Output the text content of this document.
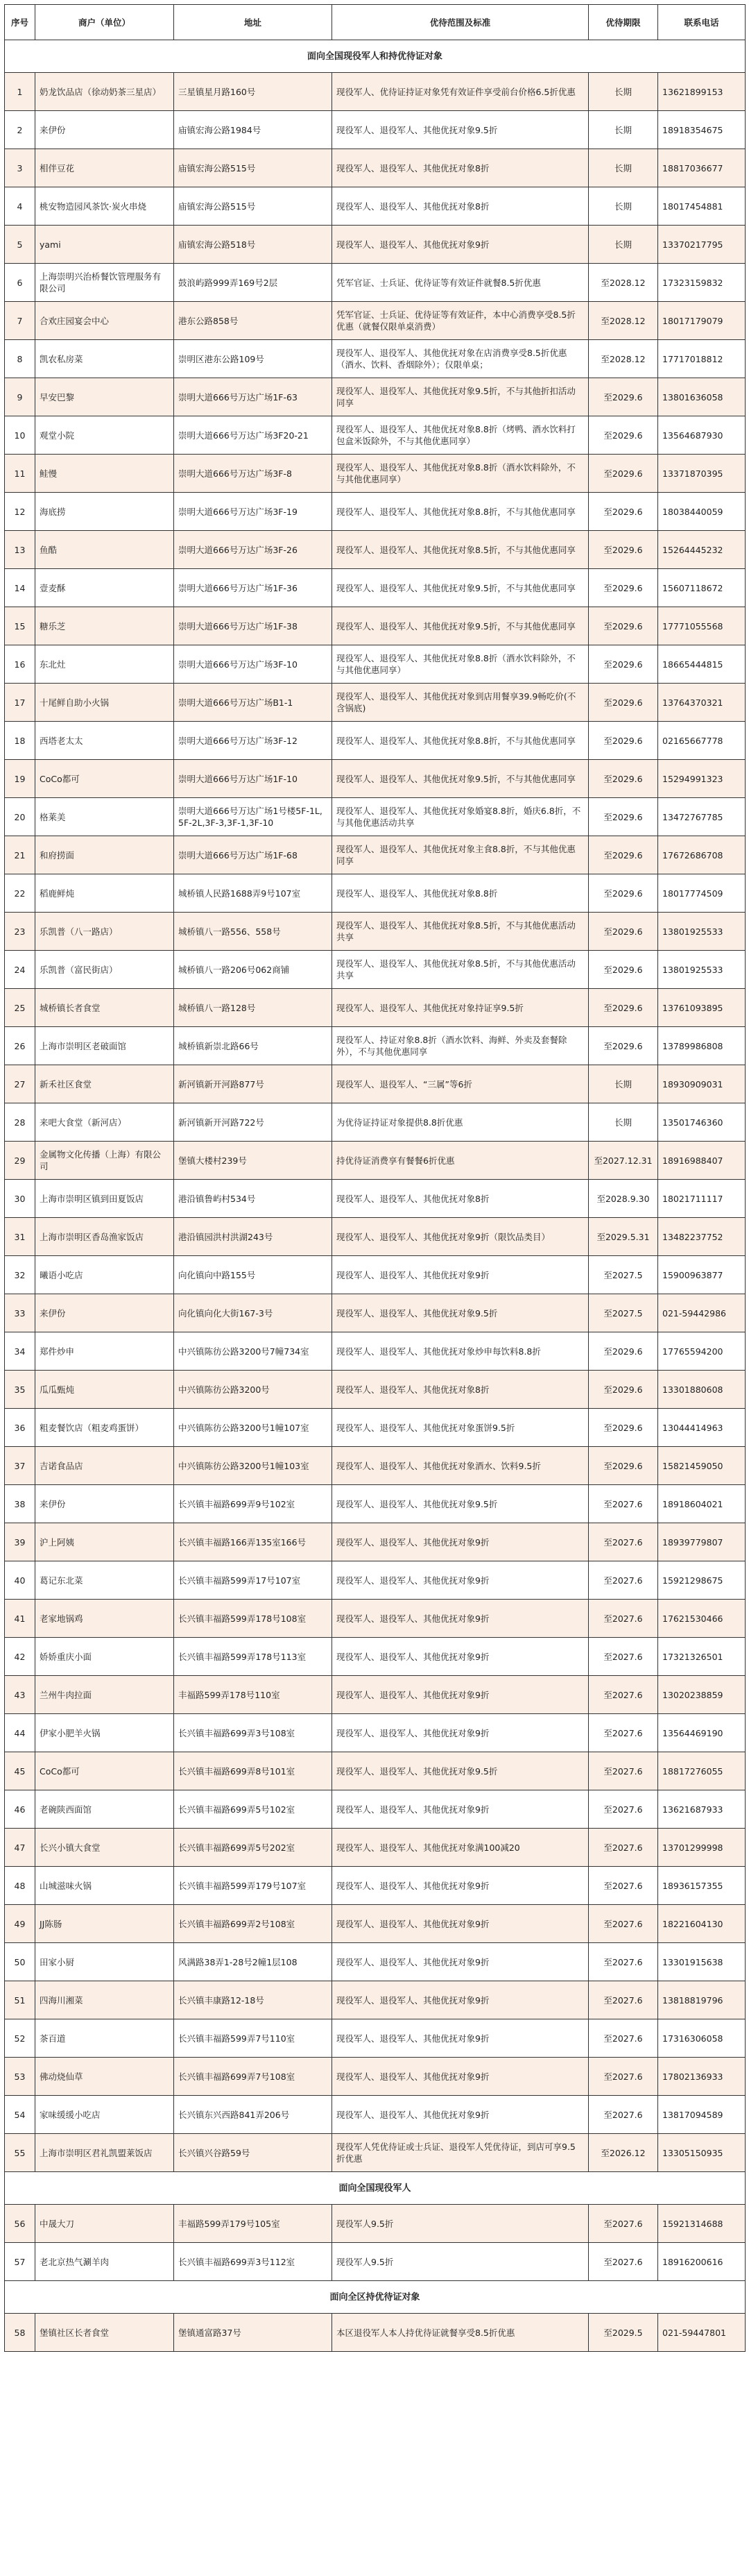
序号	商户（单位）	地址	优待范围及标准	优待期限	联系电话
面向全国现役军人和持优待证对象					
1	奶龙饮品店（徐动奶茶三星店）	三星镇星月路160号	现役军人、优待证持证对象凭有效证件享受前台价格6.5折优惠	长期	13621899153
2	来伊份	庙镇宏海公路1984号	现役军人、退役军人、其他优抚对象9.5折	长期	18918354675
3	相伴豆花	庙镇宏海公路515号	现役军人、退役军人、其他优抚对象8折	长期	18817036677
4	桃安物造园风茶饮·炭火串烧	庙镇宏海公路515号	现役军人、退役军人、其他优抚对象8折	长期	18017454881
5	yami	庙镇宏海公路518号	现役军人、退役军人、其他优抚对象9折	长期	13370217795
6	上海崇明兴治桥餐饮管理服务有限公司	鼓浪屿路999弄169号2层	凭军官证、士兵证、优待证等有效证件就餐8.5折优惠	至2028.12	17323159832
7	合欢庄园宴会中心	港东公路858号	凭军官证、士兵证、优待证等有效证件，本中心消费享受8.5折优惠（就餐仅限单桌消费）	至2028.12	18017179079
8	凯农私房菜	崇明区港东公路109号	现役军人、退役军人、其他优抚对象在店消费享受8.5折优惠（酒水、饮料、香烟除外）；仅限单桌；	至2028.12	17717018812
9	早安巴黎	崇明大道666号万达广场1F-63	现役军人、退役军人、其他优抚对象9.5折，不与其他折扣活动同享	至2029.6	13801636058
10	观堂小院	崇明大道666号万达广场3F20-21	现役军人、退役军人、其他优抚对象8.8折（烤鸭、酒水饮料打包盒米饭除外，不与其他优惠同享）	至2029.6	13564687930
11	鲑慢	崇明大道666号万达广场3F-8	现役军人、退役军人、其他优抚对象8.8折（酒水饮料除外，不与其他优惠同享）	至2029.6	13371870395
12	海底捞	崇明大道666号万达广场3F-19	现役军人、退役军人、其他优抚对象8.8折，不与其他优惠同享	至2029.6	18038440059
13	鱼酷	崇明大道666号万达广场3F-26	现役军人、退役军人、其他优抚对象8.5折，不与其他优惠同享	至2029.6	15264445232
14	壹麦酥	崇明大道666号万达广场1F-36	现役军人、退役军人、其他优抚对象9.5折，不与其他优惠同享	至2029.6	15607118672
15	糖乐芝	崇明大道666号万达广场1F-38	现役军人、退役军人、其他优抚对象9.5折，不与其他优惠同享	至2029.6	17771055568
16	东北灶	崇明大道666号万达广场3F-10	现役军人、退役军人、其他优抚对象8.8折（酒水饮料除外，不与其他优惠同享）	至2029.6	18665444815
17	十尾鲜自助小火锅	崇明大道666号万达广场B1-1	现役军人、退役军人、其他优抚对象到店用餐享39.9畅吃价(不含锅底)	至2029.6	13764370321
18	西塔老太太	崇明大道666号万达广场3F-12	现役军人、退役军人、其他优抚对象8.8折，不与其他优惠同享	至2029.6	02165667778
19	CoCo都可	崇明大道666号万达广场1F-10	现役军人、退役军人、其他优抚对象9.5折，不与其他优惠同享	至2029.6	15294991323
20	格莱美	崇明大道666号万达广场1号楼5F-1L,5F-2L,3F-3,3F-1,3F-10	现役军人、退役军人、其他优抚对象婚宴8.8折，婚庆6.8折，不与其他优惠活动共享	至2029.6	13472767785
21	和府捞面	崇明大道666号万达广场1F-68	现役军人、退役军人、其他优抚对象主食8.8折，不与其他优惠同享	至2029.6	17672686708
22	稻鹿鲜炖	城桥镇人民路1688弄9号107室	现役军人、退役军人、其他优抚对象8.8折	至2029.6	18017774509
23	乐凯普（八一路店）	城桥镇八一路556、558号	现役军人、退役军人、其他优抚对象8.5折，不与其他优惠活动共享	至2029.6	13801925533
24	乐凯普（富民街店）	城桥镇八一路206号062商铺	现役军人、退役军人、其他优抚对象8.5折，不与其他优惠活动共享	至2029.6	13801925533
25	城桥镇长者食堂	城桥镇八一路128号	现役军人、退役军人、其他优抚对象持证享9.5折	至2029.6	13761093895
26	上海市崇明区老破面馆	城桥镇新崇北路66号	现役军人、持证对象8.8折（酒水饮料、海鲜、外卖及套餐除外），不与其他优惠同享	至2029.6	13789986808
27	新禾社区食堂	新河镇新开河路877号	现役军人、退役军人、“三属”等6折	长期	18930909031
28	来吧大食堂（新河店）	新河镇新开河路722号	为优待证持证对象提供8.8折优惠	长期	13501746360
29	金属物文化传播（上海）有限公司	堡镇大楼村239号	持优待证消费享有餐餐6折优惠	至2027.12.31	18916988407
30	上海市崇明区镇到田夏饭店	港沿镇鲁屿村534号	现役军人、退役军人、其他优抚对象8折	至2028.9.30	18021711117
31	上海市崇明区香岛渔家饭店	港沿镇园洪村洪湖243号	现役军人、退役军人、其他优抚对象9折（限饮品类目）	至2029.5.31	13482237752
32	曦语小吃店	向化镇向中路155号	现役军人、退役军人、其他优抚对象9折	至2027.5	15900963877
33	来伊份	向化镇向化大街167-3号	现役军人、退役军人、其他优抚对象9.5折	至2027.5	021-59442986
34	郑件炒申	中兴镇陈彷公路3200号7幢734室	现役军人、退役军人、其他优抚对象炒申每饮料8.8折	至2029.6	17765594200
35	瓜瓜甄炖	中兴镇陈彷公路3200号	现役军人、退役军人、其他优抚对象8折	至2029.6	13301880608
36	粗麦餐饮店（粗麦鸡蛋饼）	中兴镇陈彷公路3200号1幢107室	现役军人、退役军人、其他优抚对象蛋饼9.5折	至2029.6	13044414963
37	吉诺食品店	中兴镇陈彷公路3200号1幢103室	现役军人、退役军人、其他优抚对象酒水、饮料9.5折	至2029.6	15821459050
38	来伊份	长兴镇丰福路699弄9号102室	现役军人、退役军人、其他优抚对象9.5折	至2027.6	18918604021
39	沪上阿姨	长兴镇丰福路166弄135室166号	现役军人、退役军人、其他优抚对象9折	至2027.6	18939779807
40	葛记东北菜	长兴镇丰福路599弄17号107室	现役军人、退役军人、其他优抚对象9折	至2027.6	15921298675
41	老家地锅鸡	长兴镇丰福路599弄178号108室	现役军人、退役军人、其他优抚对象9折	至2027.6	17621530466
42	娇娇重庆小面	长兴镇丰福路599弄178号113室	现役军人、退役军人、其他优抚对象9折	至2027.6	17321326501
43	兰州牛肉拉面	丰福路599弄178号110室	现役军人、退役军人、其他优抚对象9折	至2027.6	13020238859
44	伊家小肥羊火锅	长兴镇丰福路699弄3号108室	现役军人、退役军人、其他优抚对象9折	至2027.6	13564469190
45	CoCo都可	长兴镇丰福路699弄8号101室	现役军人、退役军人、其他优抚对象9.5折	至2027.6	18817276055
46	老碗陕西面馆	长兴镇丰福路699弄5号102室	现役军人、退役军人、其他优抚对象9折	至2027.6	13621687933
47	长兴小镇大食堂	长兴镇丰福路699弄5号202室	现役军人、退役军人、其他优抚对象满100减20	至2027.6	13701299998
48	山城滋味火锅	长兴镇丰福路599弄179号107室	现役军人、退役军人、其他优抚对象9折	至2027.6	18936157355
49	JJ陈肠	长兴镇丰福路699弄2号108室	现役军人、退役军人、其他优抚对象9折	至2027.6	18221604130
50	田家小厨	风满路38弄1-28号2幢1层108	现役军人、退役军人、其他优抚对象9折	至2027.6	13301915638
51	四海川湘菜	长兴镇丰康路12-18号	现役军人、退役军人、其他优抚对象9折	至2027.6	13818819796
52	茶百道	长兴镇丰福路599弄7号110室	现役军人、退役军人、其他优抚对象9折	至2027.6	17316306058
53	佛动烧仙草	长兴镇丰福路699弄7号108室	现役军人、退役军人、其他优抚对象9折	至2027.6	17802136933
54	家味缓缓小吃店	长兴镇东兴西路841弄206号	现役军人、退役军人、其他优抚对象9折	至2027.6	13817094589
55	上海市崇明区君礼凯盟莱饭店	长兴镇兴谷路59号	现役军人凭优待证或士兵证、退役军人凭优待证，到店可享9.5折优惠	至2026.12	13305150935
面向全国现役军人					
56	中晟大刀	丰福路599弄179号105室	现役军人9.5折	至2027.6	15921314688
57	老北京热气涮羊肉	长兴镇丰福路699弄3号112室	现役军人9.5折	至2027.6	18916200616
面向全区持优待证对象					
58	堡镇社区长者食堂	堡镇通富路37号	本区退役军人本人持优待证就餐享受8.5折优惠	至2029.5	021-59447801
